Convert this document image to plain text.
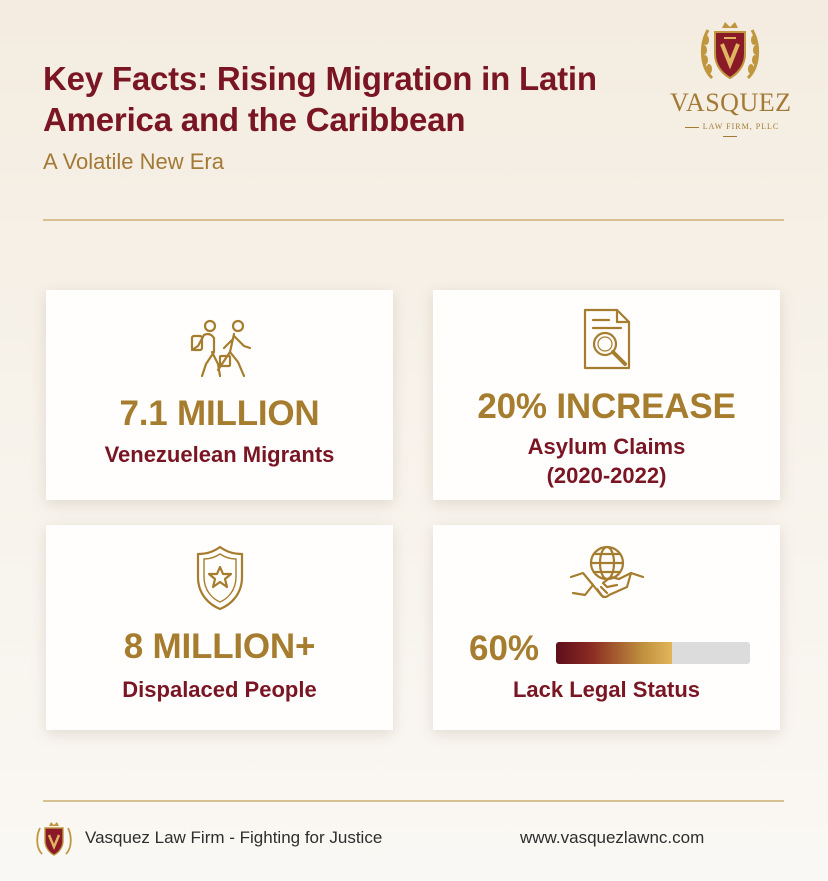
Key Facts: Rising Migration in Latin America and the Caribbean
A Volatile New Era
VASQUEZ
LAW FIRM, PLLC
7.1 MILLION
Venezuelean Migrants
20% INCREASE
Asylum Claims
(2020-2022)
8 MILLION+
Dispalaced People
60%
Lack Legal Status
Vasquez Law Firm - Fighting for Justice	www.vasquezlawnc.com
